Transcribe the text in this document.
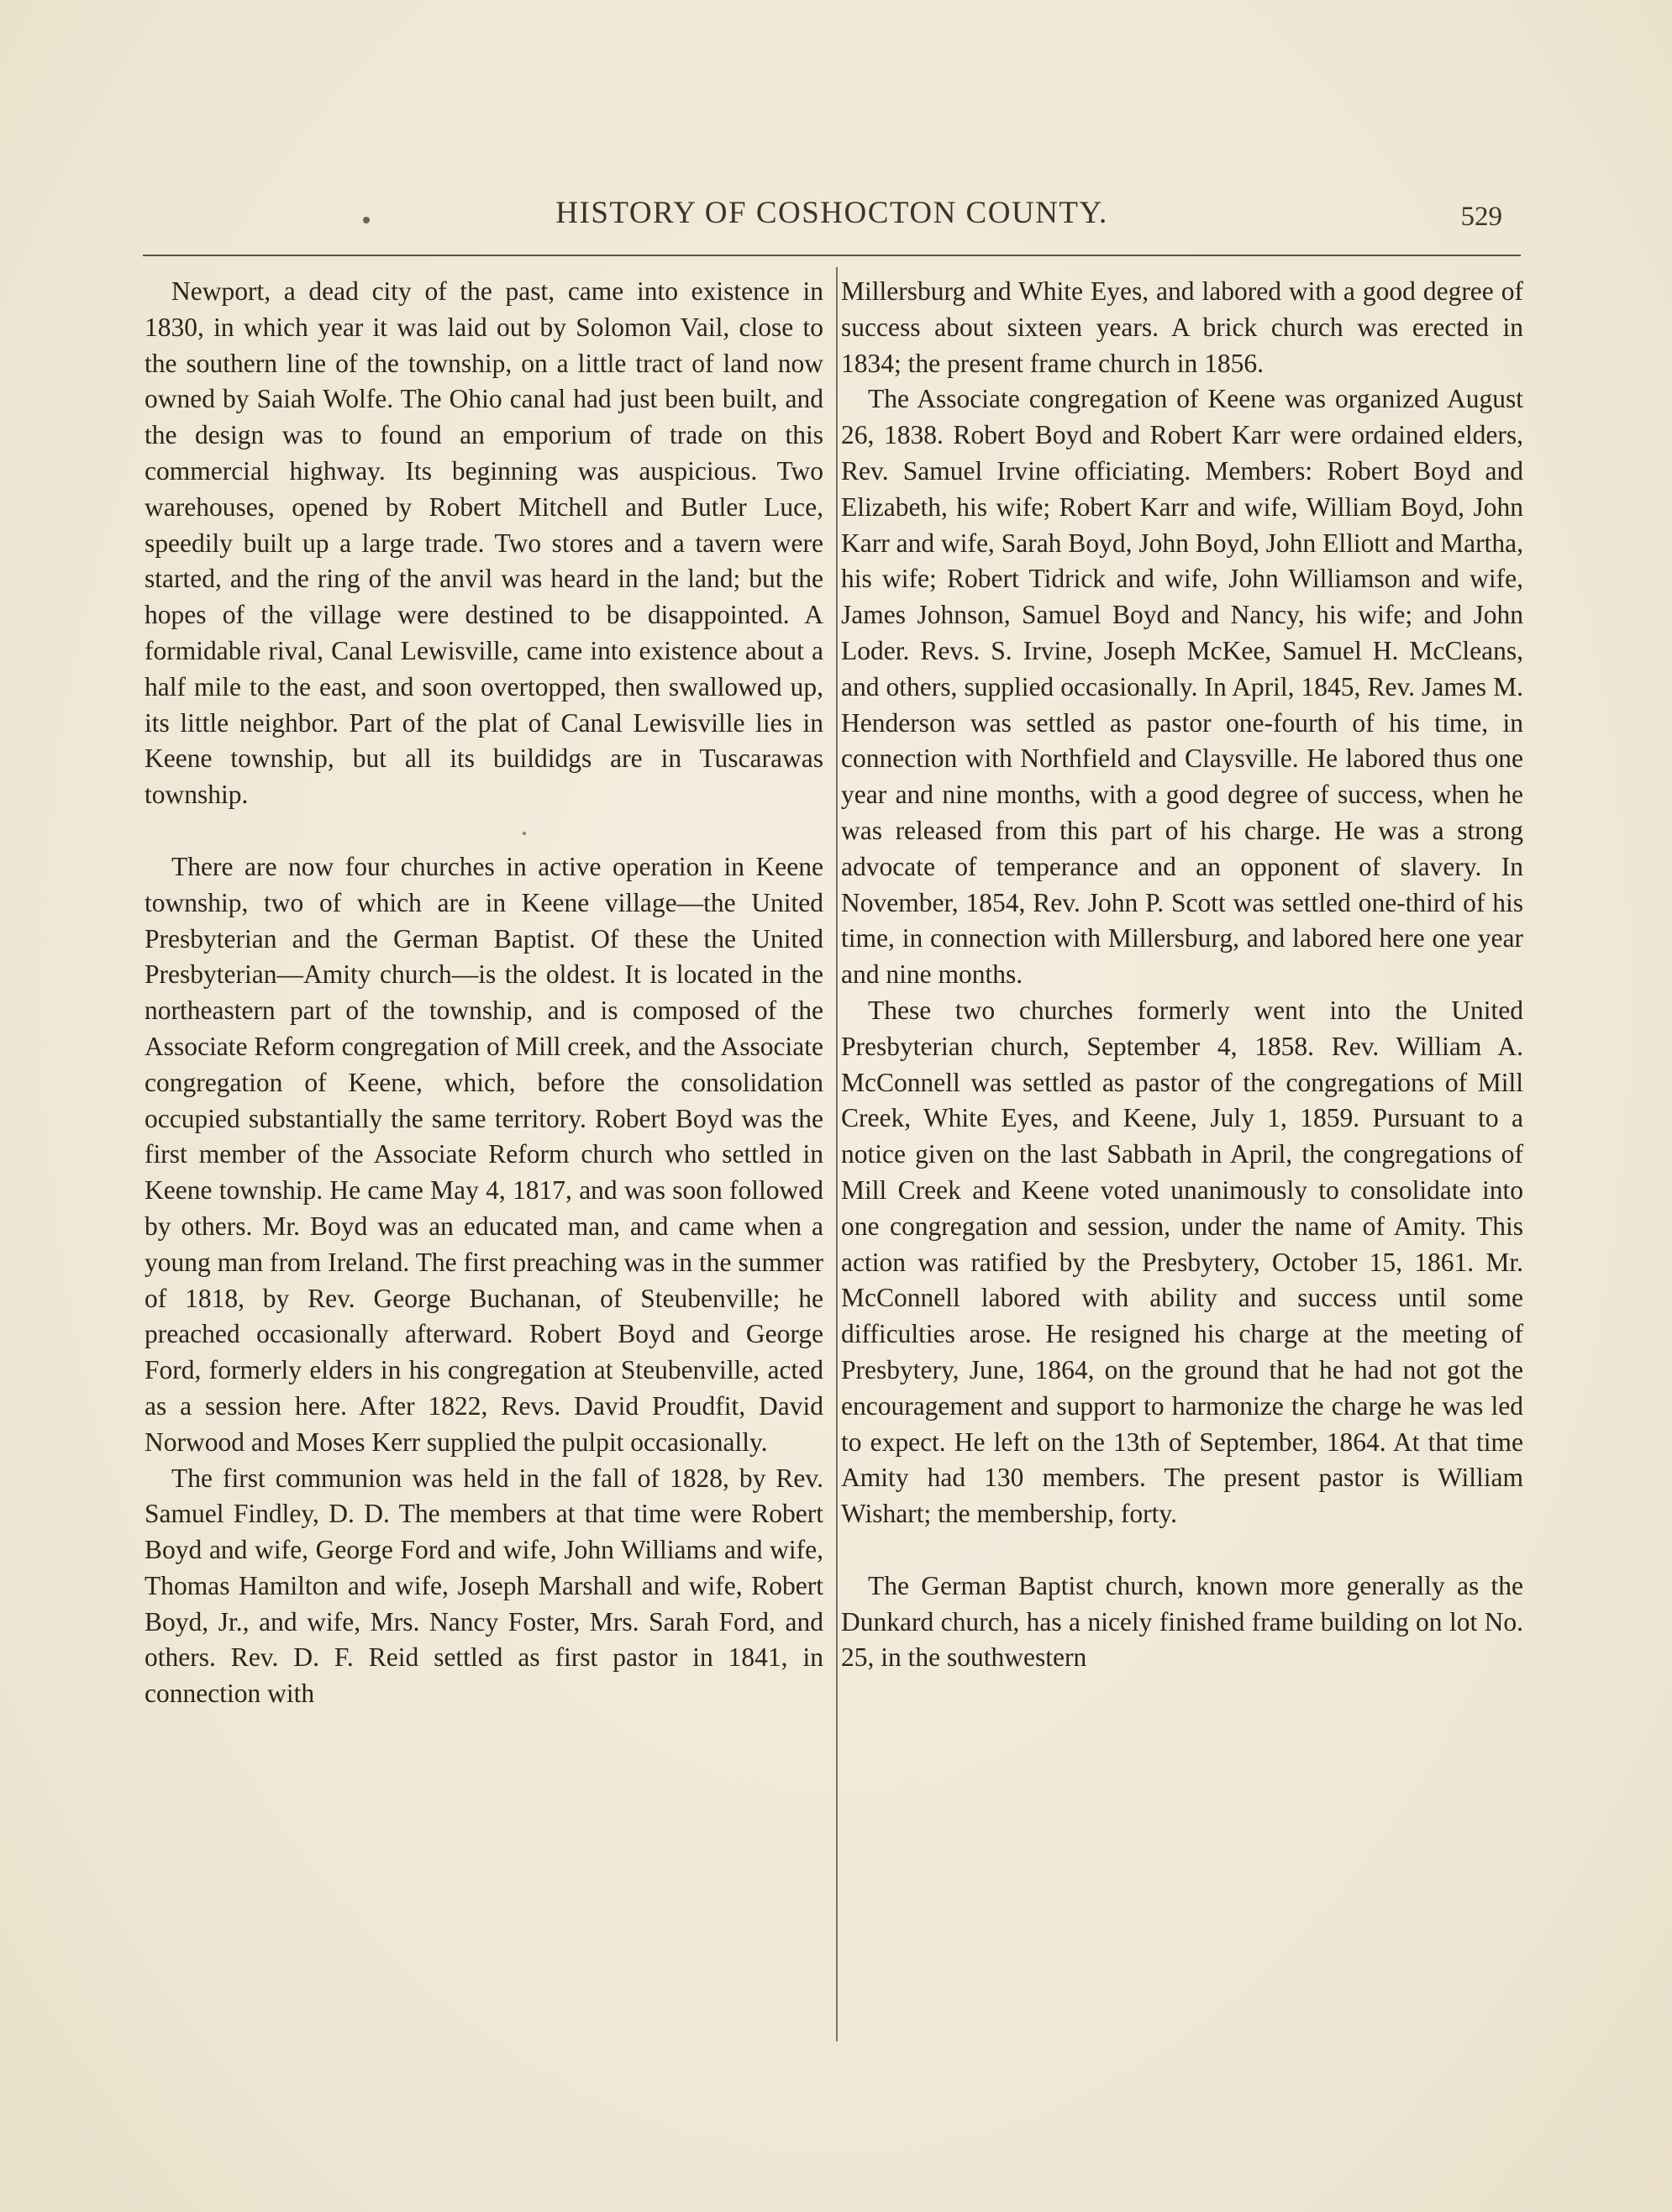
HISTORY OF COSHOCTON COUNTY.	529

Newport, a dead city of the past, came into existence in 1830, in which year it was laid out by Solomon Vail, close to the southern line of the township, on a little tract of land now owned by Saiah Wolfe. The Ohio canal had just been built, and the design was to found an emporium of trade on this commercial highway. Its beginning was auspicious. Two warehouses, opened by Robert Mitchell and Butler Luce, speedily built up a large trade. Two stores and a tavern were started, and the ring of the anvil was heard in the land; but the hopes of the village were destined to be disappointed. A formidable rival, Canal Lewisville, came into existence about a half mile to the east, and soon overtopped, then swallowed up, its little neighbor. Part of the plat of Canal Lewisville lies in Keene township, but all its buildidgs are in Tuscarawas township.

There are now four churches in active operation in Keene township, two of which are in Keene village—the United Presbyterian and the German Baptist. Of these the United Presbyterian—Amity church—is the oldest. It is located in the northeastern part of the township, and is composed of the Associate Reform congregation of Mill creek, and the Associate congregation of Keene, which, before the consolidation occupied substantially the same territory. Robert Boyd was the first member of the Associate Reform church who settled in Keene township. He came May 4, 1817, and was soon followed by others. Mr. Boyd was an educated man, and came when a young man from Ireland. The first preaching was in the summer of 1818, by Rev. George Buchanan, of Steubenville; he preached occasionally afterward. Robert Boyd and George Ford, formerly elders in his congregation at Steubenville, acted as a session here. After 1822, Revs. David Proudfit, David Norwood and Moses Kerr supplied the pulpit occasionally.

The first communion was held in the fall of 1828, by Rev. Samuel Findley, D. D. The members at that time were Robert Boyd and wife, George Ford and wife, John Williams and wife, Thomas Hamilton and wife, Joseph Marshall and wife, Robert Boyd, Jr., and wife, Mrs. Nancy Foster, Mrs. Sarah Ford, and others. Rev. D. F. Reid settled as first pastor in 1841, in connection with

Millersburg and White Eyes, and labored with a good degree of success about sixteen years. A brick church was erected in 1834; the present frame church in 1856.

The Associate congregation of Keene was organized August 26, 1838. Robert Boyd and Robert Karr were ordained elders, Rev. Samuel Irvine officiating. Members: Robert Boyd and Elizabeth, his wife; Robert Karr and wife, William Boyd, John Karr and wife, Sarah Boyd, John Boyd, John Elliott and Martha, his wife; Robert Tidrick and wife, John Williamson and wife, James Johnson, Samuel Boyd and Nancy, his wife; and John Loder. Revs. S. Irvine, Joseph McKee, Samuel H. McCleans, and others, supplied occasionally. In April, 1845, Rev. James M. Henderson was settled as pastor one-fourth of his time, in connection with Northfield and Claysville. He labored thus one year and nine months, with a good degree of success, when he was released from this part of his charge. He was a strong advocate of temperance and an opponent of slavery. In November, 1854, Rev. John P. Scott was settled one-third of his time, in connection with Millersburg, and labored here one year and nine months.

These two churches formerly went into the United Presbyterian church, September 4, 1858. Rev. William A. McConnell was settled as pastor of the congregations of Mill Creek, White Eyes, and Keene, July 1, 1859. Pursuant to a notice given on the last Sabbath in April, the congregations of Mill Creek and Keene voted unanimously to consolidate into one congregation and session, under the name of Amity. This action was ratified by the Presbytery, October 15, 1861. Mr. McConnell labored with ability and success until some difficulties arose. He resigned his charge at the meeting of Presbytery, June, 1864, on the ground that he had not got the encouragement and support to harmonize the charge he was led to expect. He left on the 13th of September, 1864. At that time Amity had 130 members. The present pastor is William Wishart; the membership, forty.

The German Baptist church, known more generally as the Dunkard church, has a nicely finished frame building on lot No. 25, in the southwestern
